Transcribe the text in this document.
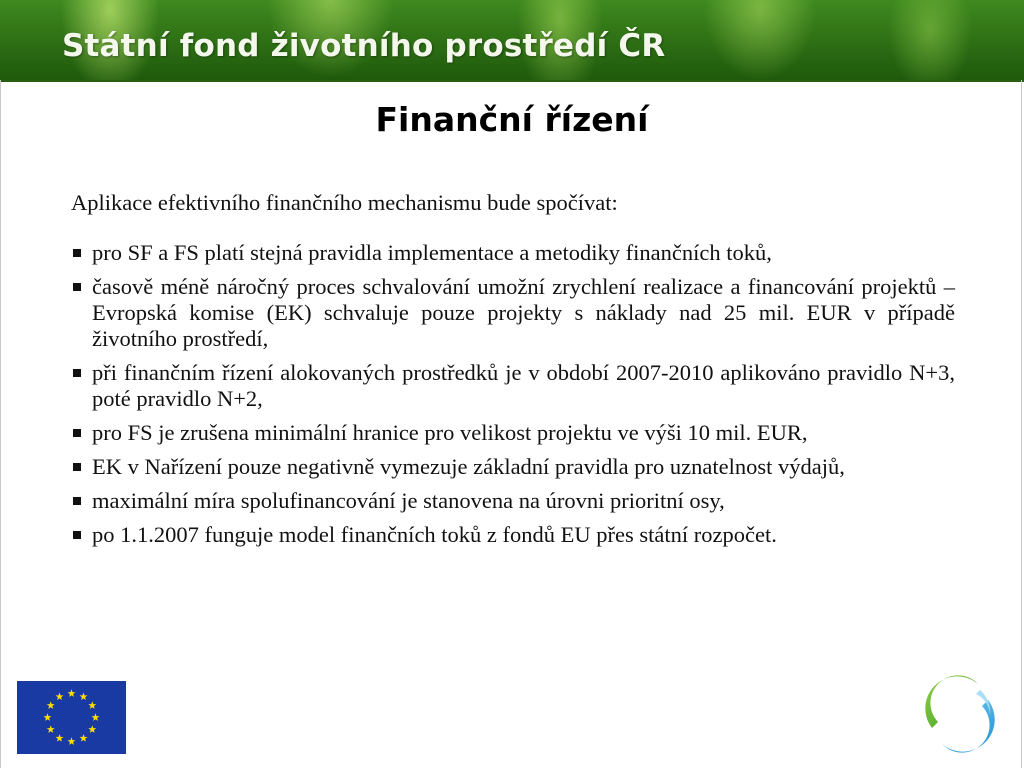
Státní fond životního prostředí ČR
Finanční řízení

Aplikace efektivního finančního mechanismu bude spočívat:

pro SF a FS platí stejná pravidla implementace a metodiky finančních toků,
časově méně náročný proces schvalování umožní zrychlení realizace a financování projektů – Evropská komise (EK) schvaluje pouze projekty s náklady nad 25 mil. EUR v případě životního prostředí,
při finančním řízení alokovaných prostředků je v období 2007-2010 aplikováno pravidlo N+3, poté pravidlo N+2,
pro FS je zrušena minimální hranice pro velikost projektu ve výši 10 mil. EUR,
EK v Nařízení pouze negativně vymezuje základní pravidla pro uznatelnost výdajů,
maximální míra spolufinancování je stanovena na úrovni prioritní osy,
po 1.1.2007 funguje model finančních toků z fondů EU přes státní rozpočet.
